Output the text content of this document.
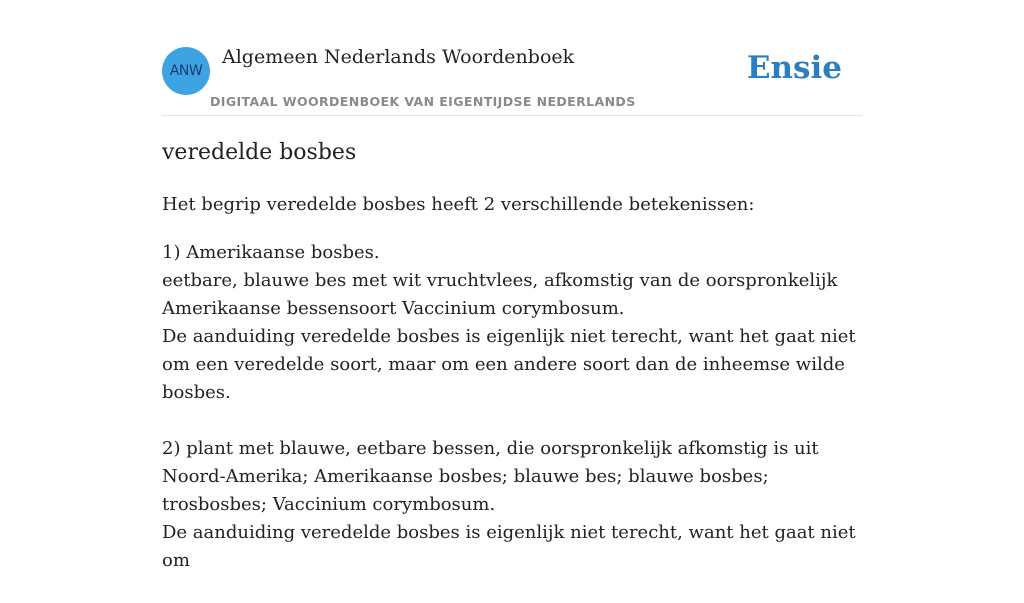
ANW
Algemeen Nederlands Woordenboek
DIGITAAL WOORDENBOEK VAN EIGENTIJDSE NEDERLANDS
Ensie
veredelde bosbes

Het begrip veredelde bosbes heeft 2 verschillende betekenissen:

1) Amerikaanse bosbes.

eetbare, blauwe bes met wit vruchtvlees, afkomstig van de oorspronkelijk Amerikaanse bessensoort Vaccinium corymbosum.

De aanduiding veredelde bosbes is eigenlijk niet terecht, want het gaat niet om een veredelde soort, maar om een andere soort dan de inheemse wilde bosbes.

2) plant met blauwe, eetbare bessen, die oorspronkelijk afkomstig is uit Noord-Amerika; Amerikaanse bosbes; blauwe bes; blauwe bosbes; trosbosbes; Vaccinium corymbosum.

De aanduiding veredelde bosbes is eigenlijk niet terecht, want het gaat niet om
